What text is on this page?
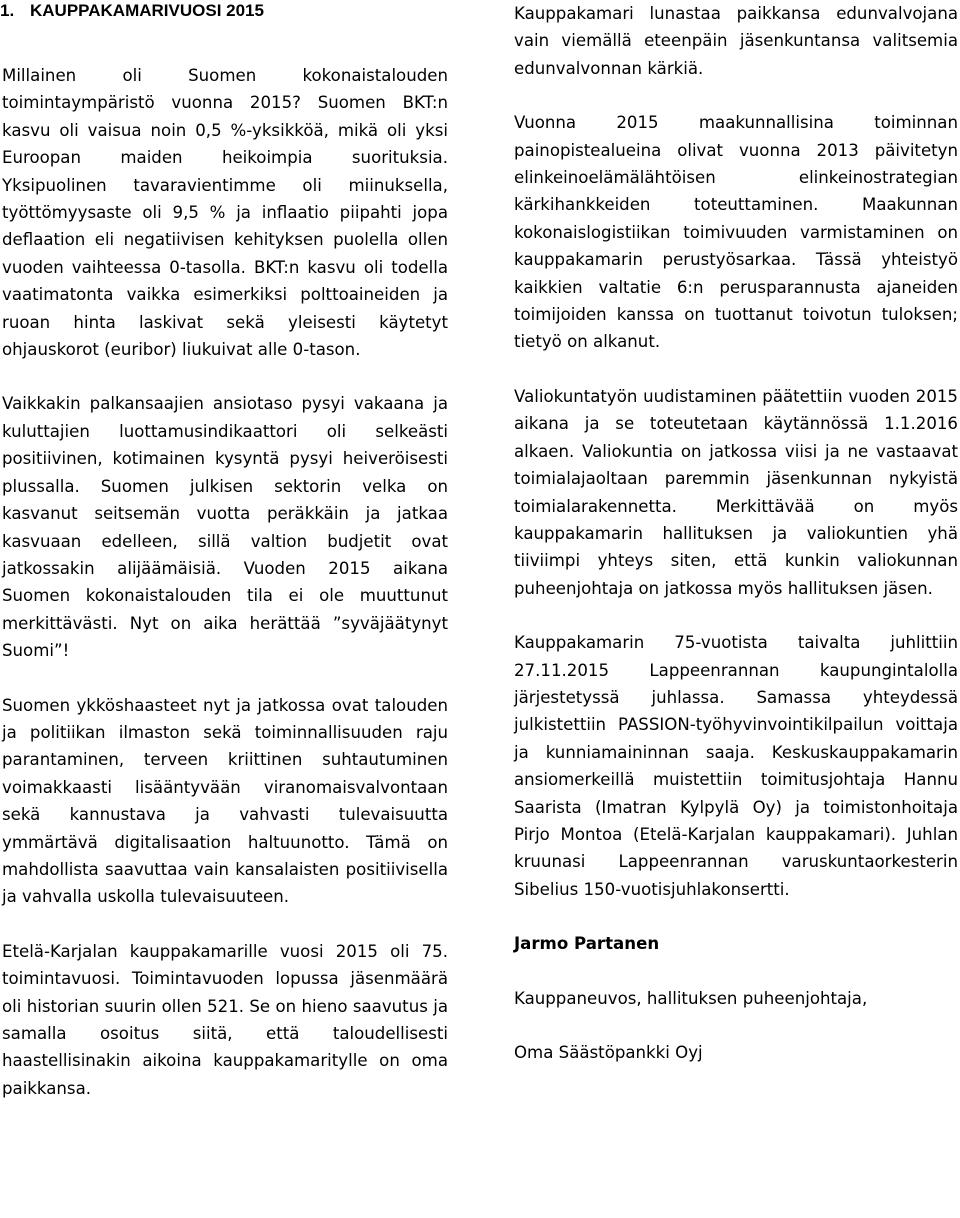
1. KAUPPAKAMARIVUOSI 2015

Millainen oli Suomen kokonaistalouden toimintaympäristö vuonna 2015? Suomen BKT:n kasvu oli vaisua noin 0,5 %-yksikköä, mikä oli yksi Euroopan maiden heikoimpia suorituksia. Yksipuolinen tavaravientimme oli miinuksella, työttömyysaste oli 9,5 % ja inflaatio piipahti jopa deflaation eli negatiivisen kehityksen puolella ollen vuoden vaihteessa 0-tasolla. BKT:n kasvu oli todella vaatimatonta vaikka esimerkiksi polttoaineiden ja ruoan hinta laskivat sekä yleisesti käytetyt ohjauskorot (euribor) liukuivat alle 0-tason.

Vaikkakin palkansaajien ansiotaso pysyi vakaana ja kuluttajien luottamusindikaattori oli selkeästi positiivinen, kotimainen kysyntä pysyi heiveröisesti plussalla. Suomen julkisen sektorin velka on kasvanut seitsemän vuotta peräkkäin ja jatkaa kasvuaan edelleen, sillä valtion budjetit ovat jatkossakin alijäämäisiä. Vuoden 2015 aikana Suomen kokonaistalouden tila ei ole muuttunut merkittävästi. Nyt on aika herättää ”syväjäätynyt Suomi”!

Suomen ykköshaasteet nyt ja jatkossa ovat talouden ja politiikan ilmaston sekä toiminnallisuuden raju parantaminen, terveen kriittinen suhtautuminen voimakkaasti lisääntyvään viranomaisvalvontaan sekä kannustava ja vahvasti tulevaisuutta ymmärtävä digitalisaation haltuunotto. Tämä on mahdollista saavuttaa vain kansalaisten positiivisella ja vahvalla uskolla tulevaisuuteen.

Etelä-Karjalan kauppakamarille vuosi 2015 oli 75. toimintavuosi. Toimintavuoden lopussa jäsenmäärä oli historian suurin ollen 521. Se on hieno saavutus ja samalla osoitus siitä, että taloudellisesti haastellisinakin aikoina kauppakamaritylle on oma paikkansa.

Kauppakamari lunastaa paikkansa edunvalvojana vain viemällä eteenpäin jäsenkuntansa valitsemia edunvalvonnan kärkiä.

Vuonna 2015 maakunnallisina toiminnan painopistealueina olivat vuonna 2013 päivitetyn elinkeinoelämälähtöisen elinkeinostrategian kärkihankkeiden toteuttaminen. Maakunnan kokonaislogistiikan toimivuuden varmistaminen on kauppakamarin perustyösarkaa. Tässä yhteistyö kaikkien valtatie 6:n perusparannusta ajaneiden toimijoiden kanssa on tuottanut toivotun tuloksen; tietyö on alkanut.

Valiokuntatyön uudistaminen päätettiin vuoden 2015 aikana ja se toteutetaan käytännössä 1.1.2016 alkaen. Valiokuntia on jatkossa viisi ja ne vastaavat toimialajaoltaan paremmin jäsenkunnan nykyistä toimialarakennetta. Merkittävää on myös kauppakamarin hallituksen ja valiokuntien yhä tiiviimpi yhteys siten, että kunkin valiokunnan puheenjohtaja on jatkossa myös hallituksen jäsen.

Kauppakamarin 75-vuotista taivalta juhlittiin 27.11.2015 Lappeenrannan kaupungintalolla järjestetyssä juhlassa. Samassa yhteydessä julkistettiin PASSION-työhyvinvointikilpailun voittaja ja kunniamaininnan saaja. Keskuskauppakamarin ansiomerkeillä muistettiin toimitusjohtaja Hannu Saarista (Imatran Kylpylä Oy) ja toimistonhoitaja Pirjo Montoa (Etelä-Karjalan kauppakamari). Juhlan kruunasi Lappeenrannan varuskuntaorkesterin Sibelius 150-vuotisjuhlakonsertti.

Jarmo Partanen

Kauppaneuvos, hallituksen puheenjohtaja,

Oma Säästöpankki Oyj
